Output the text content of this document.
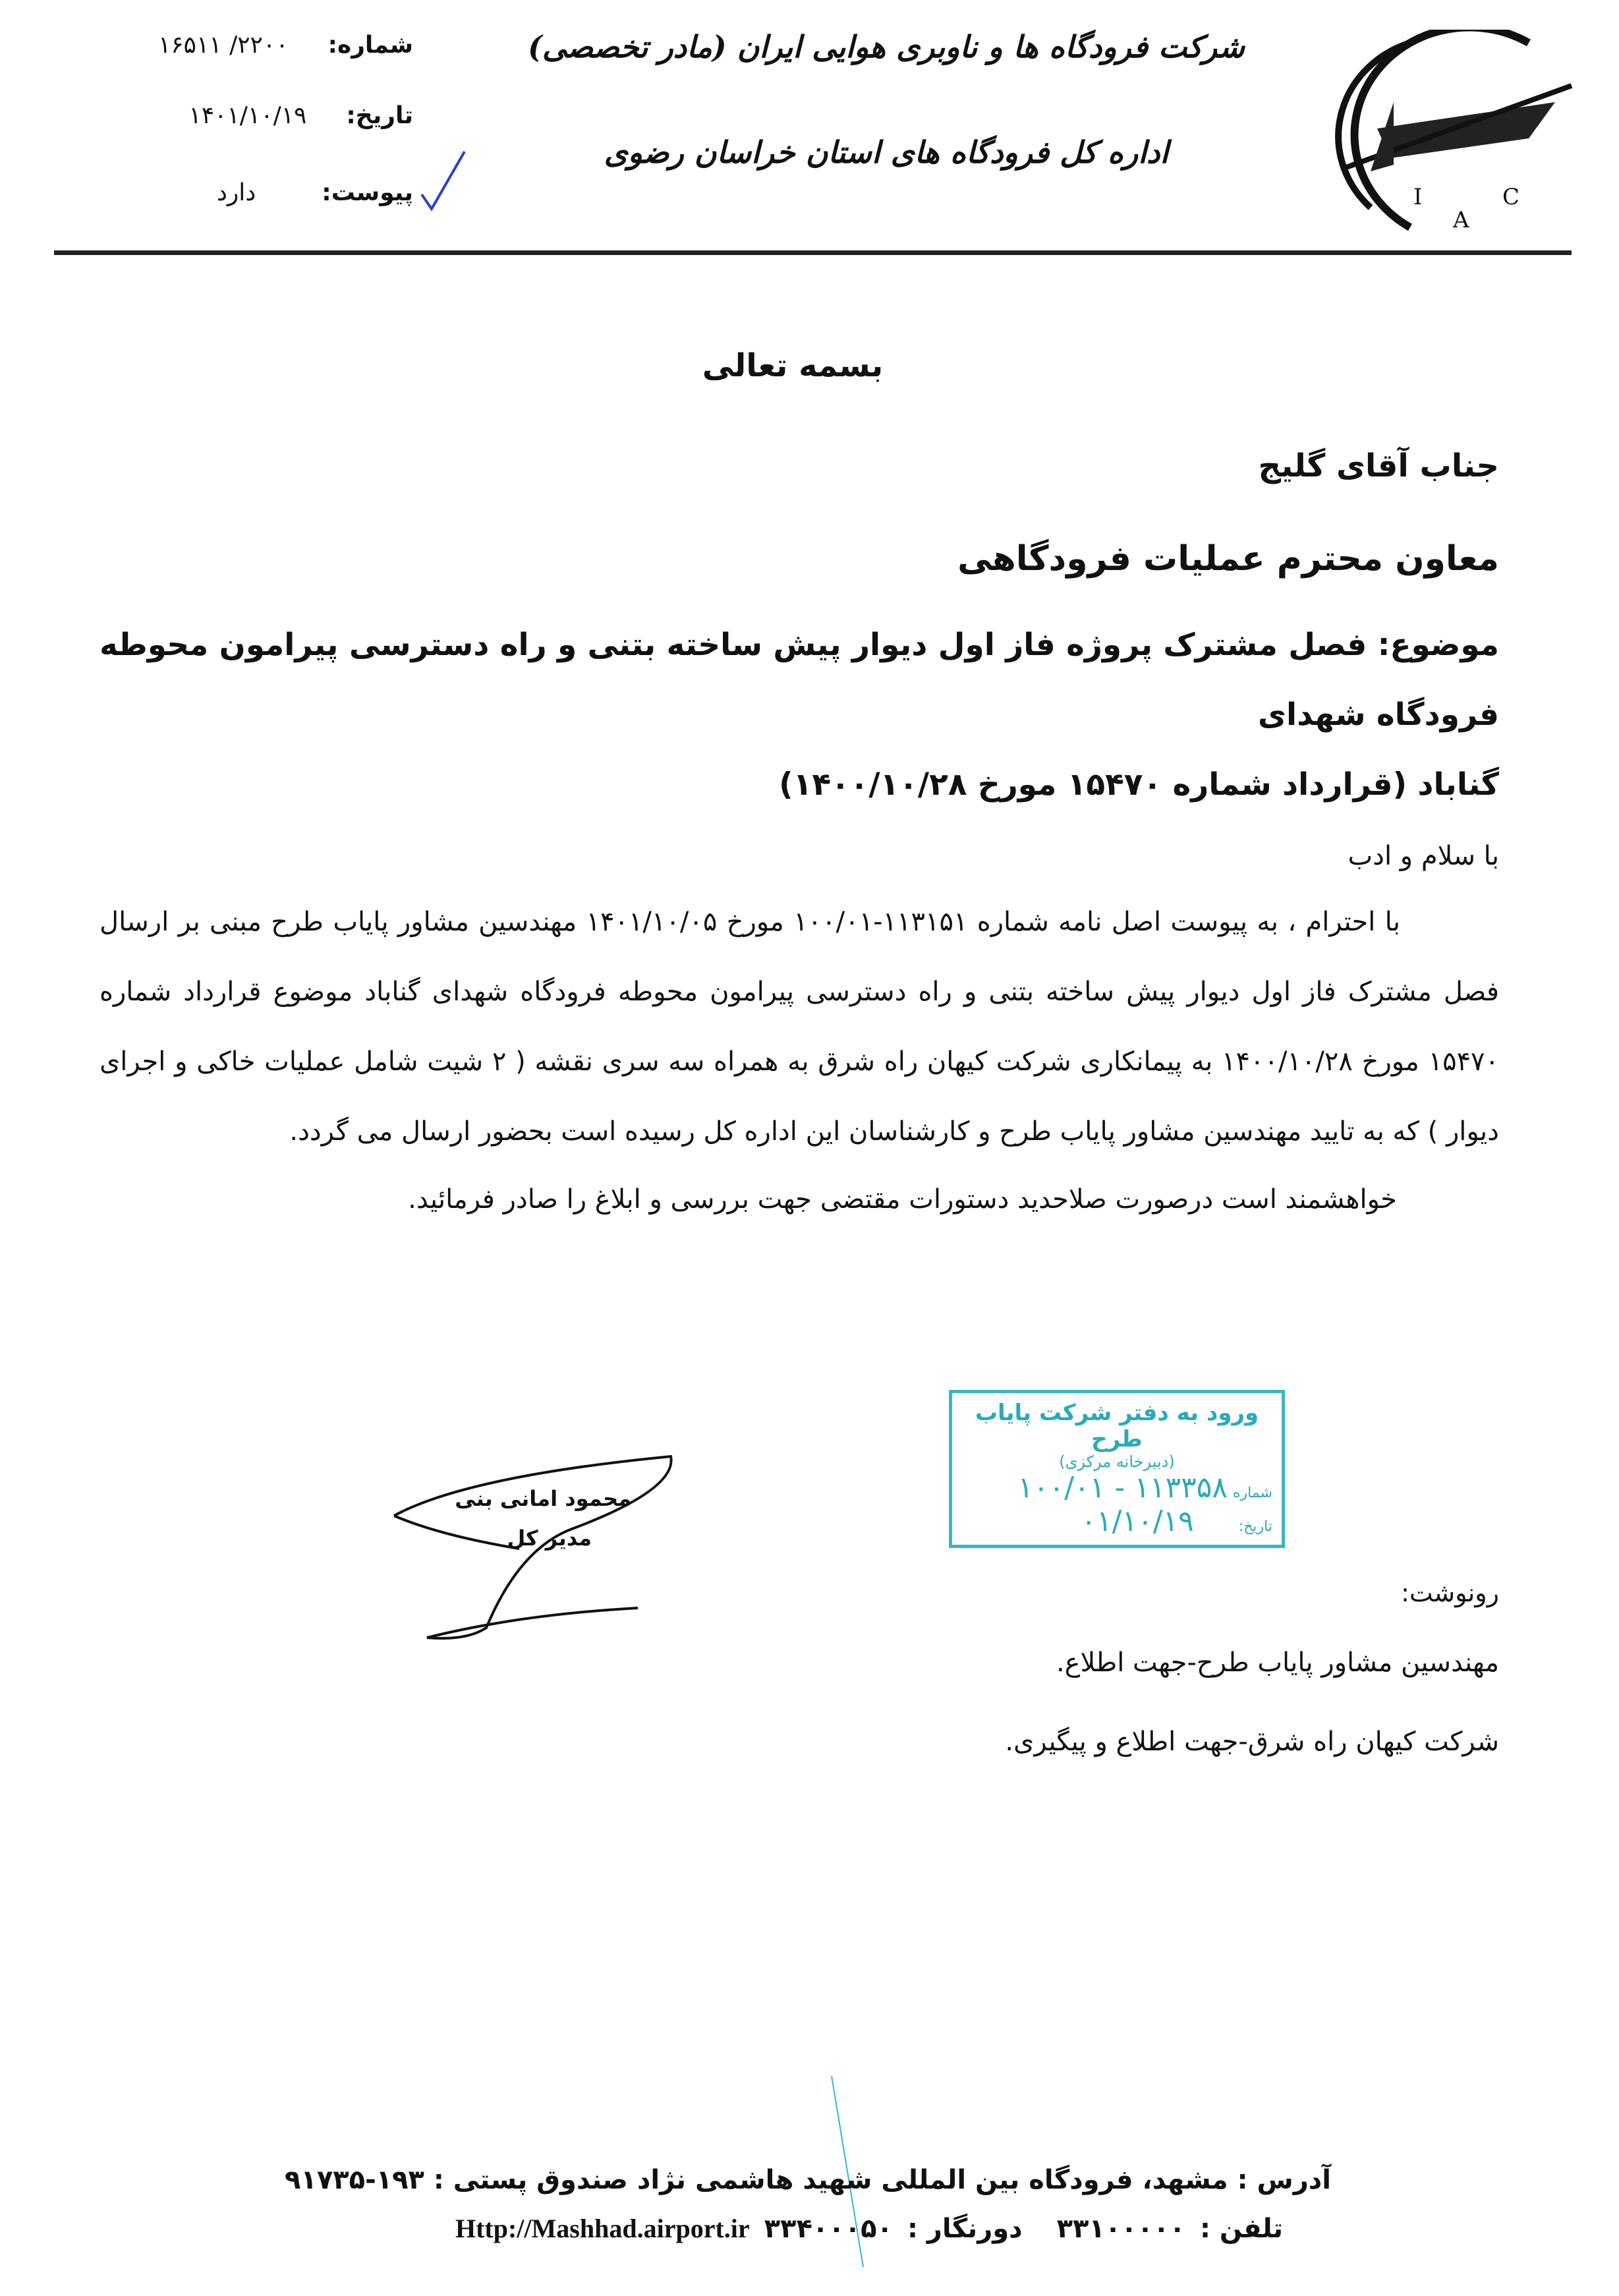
I
A
C
شرکت فرودگاه ها و ناوبری هوایی ایران (مادر تخصصی)
اداره کل فرودگاه های استان خراسان رضوی
شماره:
۲۲۰۰/ ۱۶۵۱۱
تاریخ:
۱۴۰۱/۱۰/۱۹
پیوست:
دارد
بسمه تعالی
جناب آقای گلیج
معاون محترم عملیات فرودگاهی
موضوع: فصل مشترک پروژه فاز اول دیوار پیش ساخته بتنی و راه دسترسی پیرامون محوطه فرودگاه شهدای
گناباد (قرارداد شماره ۱۵۴۷۰ مورخ ۱۴۰۰/۱۰/۲۸)
با سلام و ادب
با احترام ، به پیوست اصل نامه شماره ۱۱۳۱۵۱-۱۰۰/۰۱ مورخ ۱۴۰۱/۱۰/۰۵ مهندسین مشاور پایاب طرح مبنی بر ارسال فصل مشترک فاز اول دیوار پیش ساخته بتنی و راه دسترسی پیرامون محوطه فرودگاه شهدای گناباد موضوع قرارداد شماره ۱۵۴۷۰ مورخ ۱۴۰۰/۱۰/۲۸ به پیمانکاری شرکت کیهان راه شرق به همراه سه سری نقشه ( ۲ شیت شامل عملیات خاکی و اجرای دیوار ) که به تایید مهندسین مشاور پایاب طرح و کارشناسان این اداره کل رسیده است بحضور ارسال می گردد.
خواهشمند است درصورت صلاحدید دستورات مقتضی جهت بررسی و ابلاغ را صادر فرمائید.
محمود امانی بنی
مدیر کل
ورود به دفتر شرکت پایاب طرح
(دبیرخانه مرکزی)
شماره
۱۱۳۳۵۸ - ۱۰۰/۰۱
تاریخ:
۰۱/۱۰/۱۹
رونوشت:
مهندسین مشاور پایاب طرح-جهت اطلاع.
شرکت کیهان راه شرق-جهت اطلاع و پیگیری.
آدرس : مشهد، فرودگاه بین المللی شهید هاشمی نژاد صندوق پستی : ۱۹۳-۹۱۷۳۵
تلفن :
۳۳۱۰۰۰۰۰
دورنگار :
۳۳۴۰۰۰۵۰
Http://Mashhad.airport.ir
